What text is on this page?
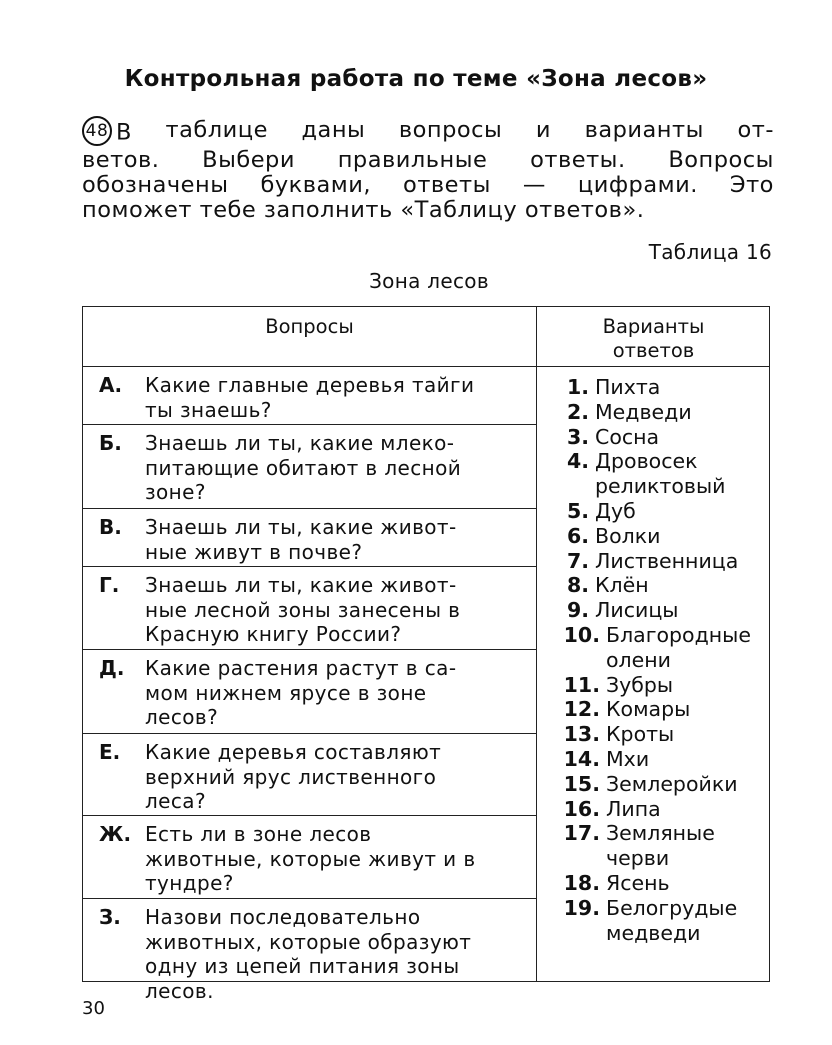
Контрольная работа по теме «Зона лесов»
48 В таблице даны вопросы и варианты от-
ветов. Выбери правильные ответы. Вопросы
обозначены буквами, ответы — цифрами. Это
поможет тебе заполнить «Таблицу ответов».
Таблица 16
Зона лесов
Вопросы	Варианты
ответов
А. Какие главные деревья тайги ты знаешь?
Б. Знаешь ли ты, какие млекопитающие обитают в лесной зоне?
В. Знаешь ли ты, какие животные живут в почве?
Г. Знаешь ли ты, какие животные лесной зоны занесены в Красную книгу России?
Д. Какие растения растут в самом нижнем ярусе в зоне лесов?
Е. Какие деревья составляют верхний ярус лиственного леса?
Ж. Есть ли в зоне лесов животные, которые живут и в тундре?
З. Назови последовательно животных, которые образуют одну из цепей питания зоны лесов.
1. Пихта
2. Медведи
3. Сосна
4. Дровосек реликтовый
5. Дуб
6. Волки
7. Лиственница
8. Клён
9. Лисицы
10. Благородные олени
11. Зубры
12. Комары
13. Кроты
14. Мхи
15. Землеройки
16. Липа
17. Земляные черви
18. Ясень
19. Белогрудые медведи
30
